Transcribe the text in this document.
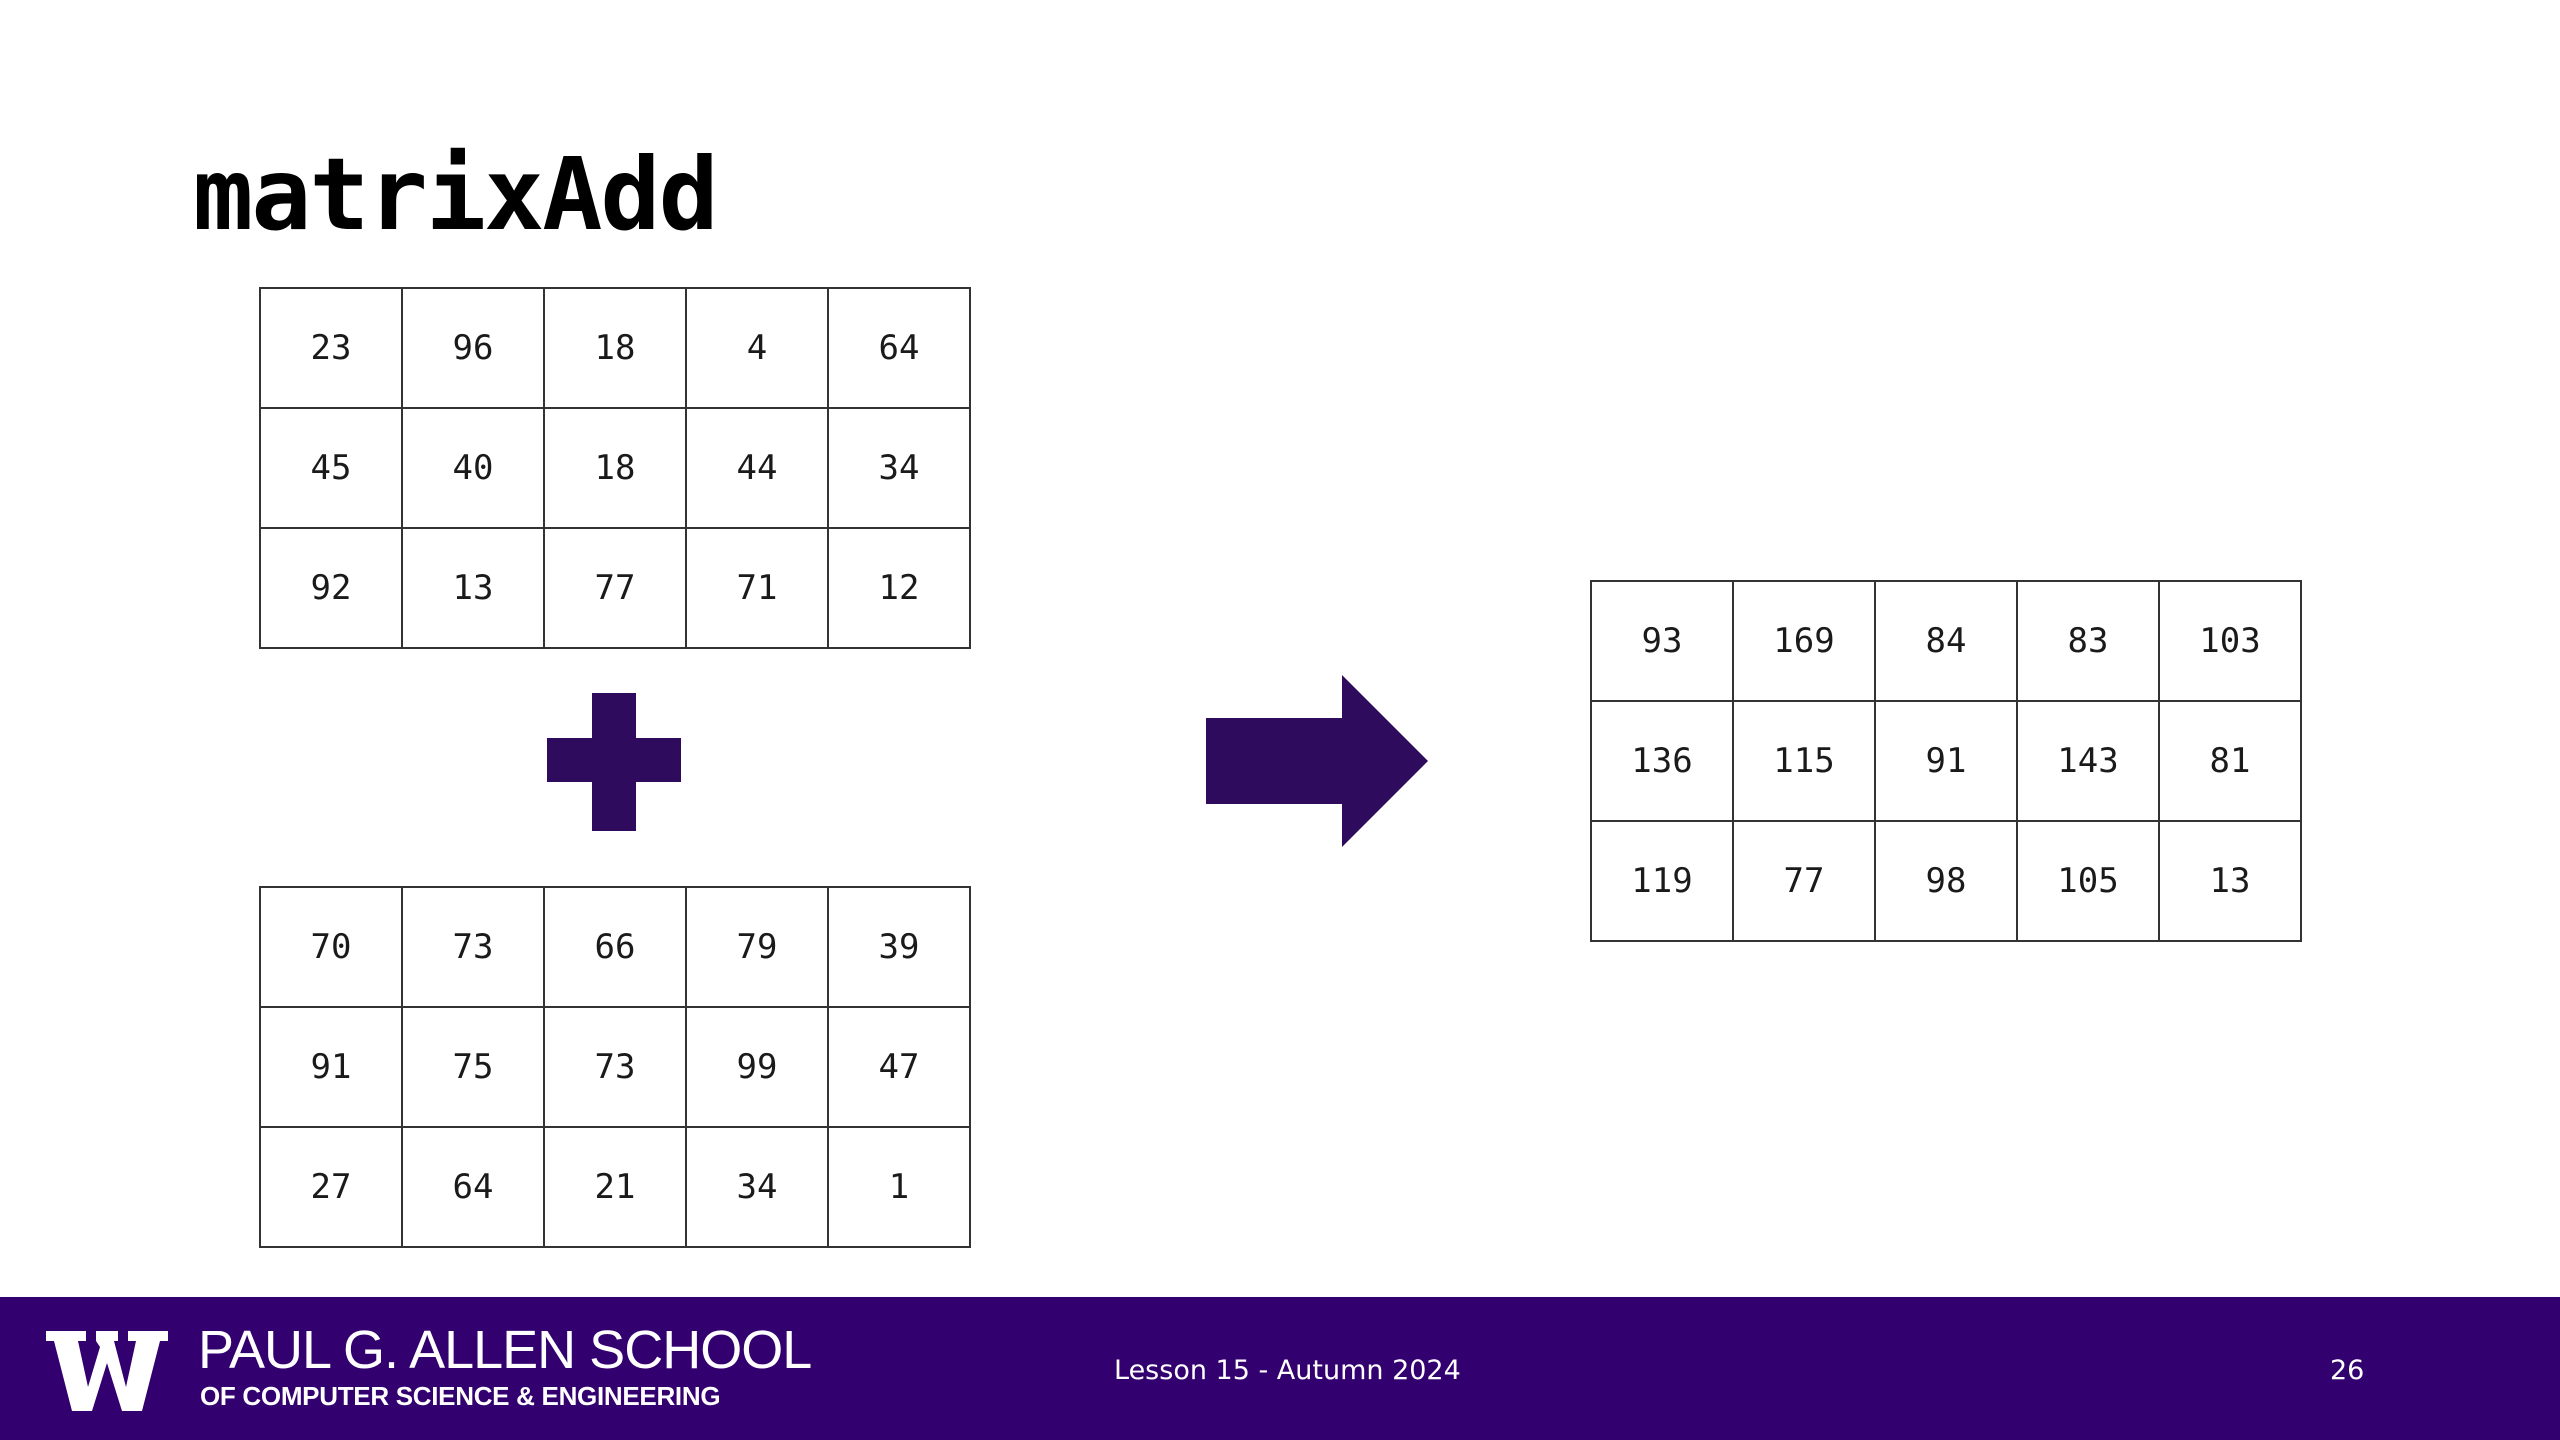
matrixAdd
23	96	18	4	64
45	40	18	44	34
92	13	77	71	12
70	73	66	79	39
91	75	73	99	47
27	64	21	34	1
93	169	84	83	103
136	115	91	143	81
119	77	98	105	13
PAUL G. ALLEN SCHOOL
OF COMPUTER SCIENCE & ENGINEERING
Lesson 15 - Autumn 2024	26
